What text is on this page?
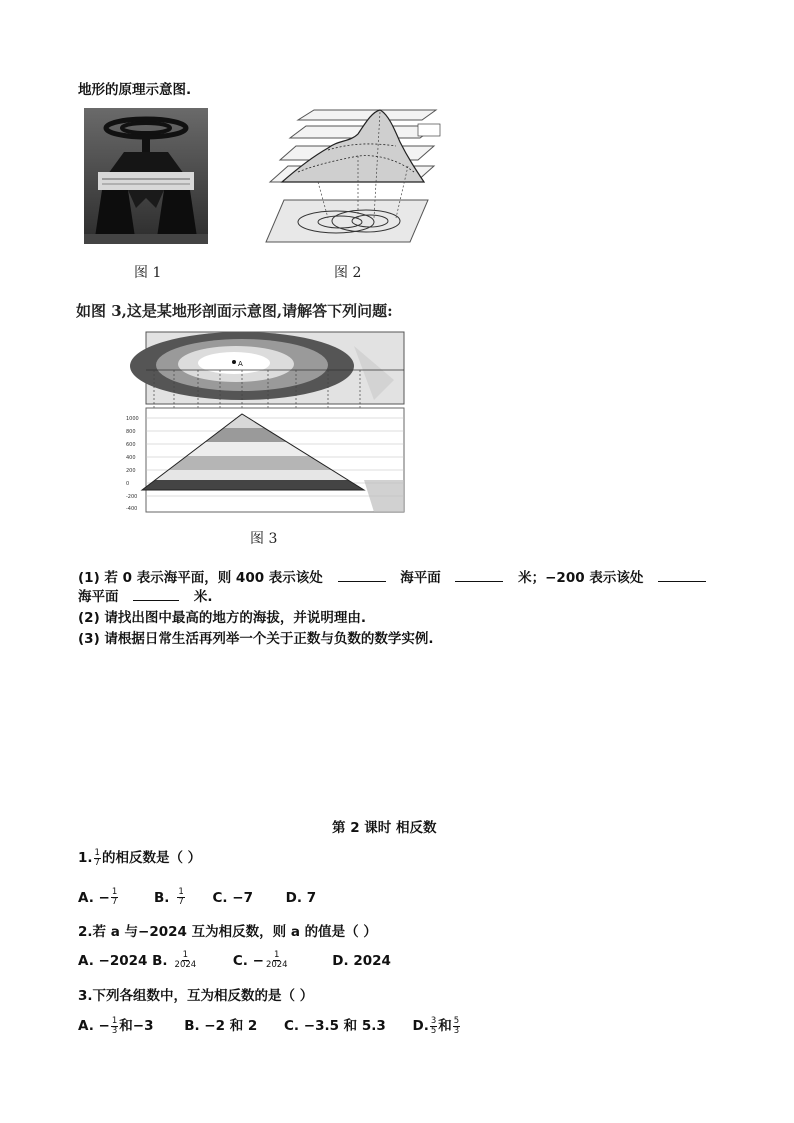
地形的原理示意图.
图 1	图 2
如图 3,这是某地形剖面示意图,请解答下列问题:
A
1000
800
600
400
200
0
-200
-400
图 3
(1) 若 0 表示海平面，则 400 表示该处	海平面	米；−200 表示该处
海平面	米.
(2) 请找出图中最高的地方的海拔，并说明理由.
(3) 请根据日常生活再列举一个关于正数与负数的数学实例.
第 2 课时 相反数
1. $\frac{1}{7}$ 的相反数是（ ）
A. − $\frac{1}{7}$	B. $\frac{1}{7} C$. −7 D. 7
2.若 a 与−2024 互为相反数，则 a 的值是（ ）
A. −2024 B. $\frac{1}{2024}$	C. − $\frac{1}{2024}$	D. 2024
3.下列各组数中，互为相反数的是（ ）
A. − $\frac{1}{3}$ 和−3 B. −2 和 2 C. −3.5 和 5.3 D. $\frac{3}{5}$ 和 $\frac{5}{3}$
